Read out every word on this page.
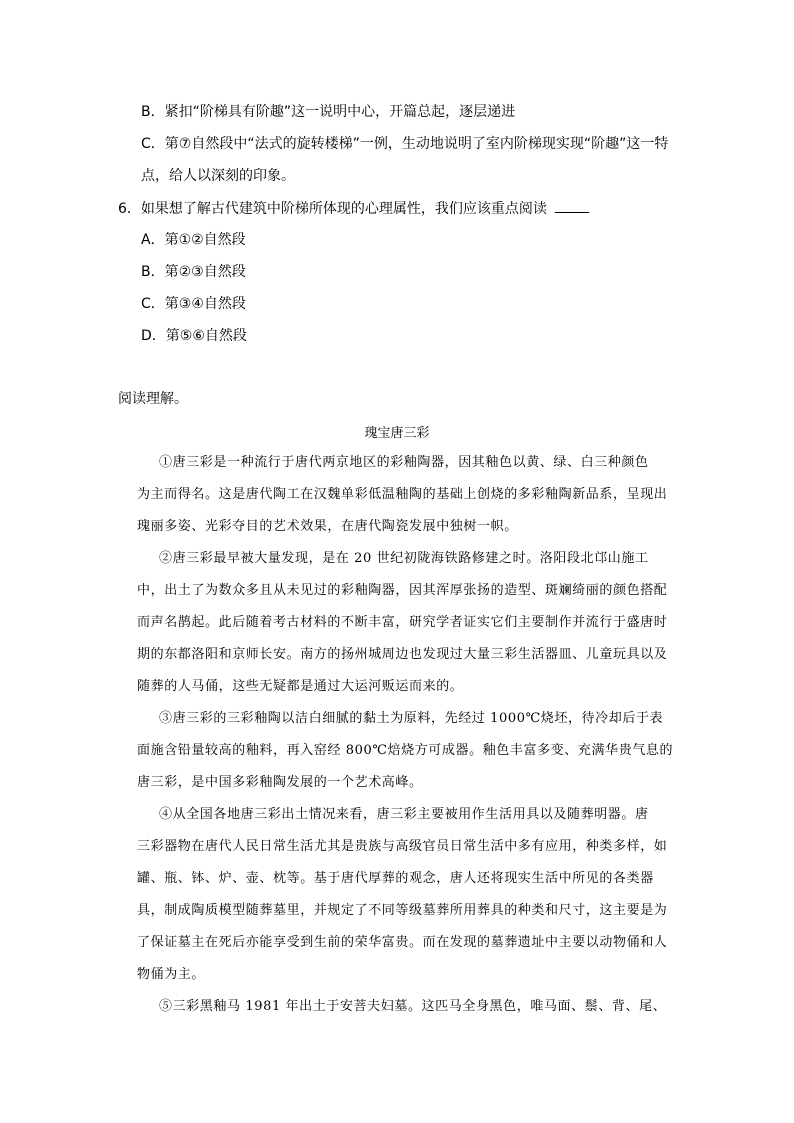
B．紧扣“阶梯具有阶趣”这一说明中心，开篇总起，逐层递进
C．第⑦自然段中“法式的旋转楼梯”一例，生动地说明了室内阶梯现实现“阶趣”这一特
点，给人以深刻的印象。
6．如果想了解古代建筑中阶梯所体现的心理属性，我们应该重点阅读
A．第①②自然段
B．第②③自然段
C．第③④自然段
D．第⑤⑥自然段
阅读理解。
瑰宝唐三彩
①唐三彩是一种流行于唐代两京地区的彩釉陶器，因其釉色以黄、绿、白三种颜色
为主而得名。这是唐代陶工在汉魏单彩低温釉陶的基础上创烧的多彩釉陶新品系，呈现出
瑰丽多姿、光彩夺目的艺术效果，在唐代陶瓷发展中独树一帜。
②唐三彩最早被大量发现，是在 20 世纪初陇海铁路修建之时。洛阳段北邙山施工
中，出土了为数众多且从未见过的彩釉陶器，因其浑厚张扬的造型、斑斓绮丽的颜色搭配
而声名鹊起。此后随着考古材料的不断丰富，研究学者证实它们主要制作并流行于盛唐时
期的东都洛阳和京师长安。南方的扬州城周边也发现过大量三彩生活器皿、儿童玩具以及
随葬的人马俑，这些无疑都是通过大运河贩运而来的。
③唐三彩的三彩釉陶以洁白细腻的黏土为原料，先经过 1000℃烧坯，待冷却后于表
面施含铅量较高的釉料，再入窑经 800℃焙烧方可成器。釉色丰富多变、充满华贵气息的
唐三彩，是中国多彩釉陶发展的一个艺术高峰。
④从全国各地唐三彩出土情况来看，唐三彩主要被用作生活用具以及随葬明器。唐
三彩器物在唐代人民日常生活尤其是贵族与高级官员日常生活中多有应用，种类多样，如
罐、瓶、钵、炉、壶、枕等。基于唐代厚葬的观念，唐人还将现实生活中所见的各类器
具，制成陶质模型随葬墓里，并规定了不同等级墓葬所用葬具的种类和尺寸，这主要是为
了保证墓主在死后亦能享受到生前的荣华富贵。而在发现的墓葬遗址中主要以动物俑和人
物俑为主。
⑤三彩黑釉马 1981 年出土于安菩夫妇墓。这匹马全身黑色，唯马面、鬃、背、尾、
